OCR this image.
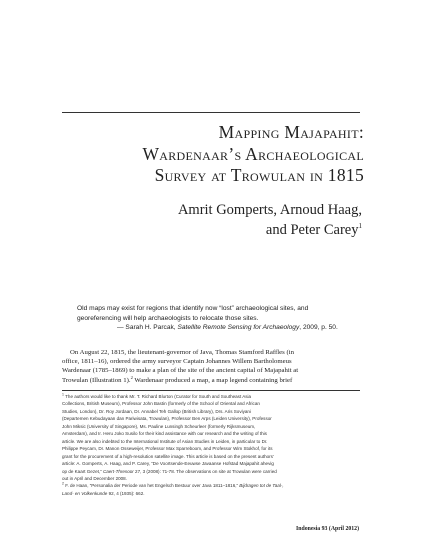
Mapping Majapahit:
Wardenaar’s Archaeological
Survey at Trowulan in 1815
Amrit Gomperts, Arnoud Haag,
and Peter Carey$^1$
Old maps may exist for regions that identify now “lost” archaeological sites, and
georeferencing will help archaeologists to relocate those sites.
— Sarah H. Parcak, Satellite Remote Sensing for Archaeology, 2009, p. 50.
On August 22, 1815, the lieutenant-governor of Java, Thomas Stamford Raffles (in
office, 1811–16), ordered the army surveyor Captain Johannes Willem Bartholomeus
Wardenaar (1785–1869) to make a plan of the site of the ancient capital of Majapahit at
Trowulan (Illustration 1).$^2$ Wardenaar produced a map, a map legend containing brief
$^1$ The authors would like to thank Mr. T. Richard Blurton (Curator for South and Southeast Asia
Collections, British Museum), Professor John Bastin (formerly of the School of Oriental and African
Studies, London), Dr. Roy Jordaan, Dr. Annabel Teh Gallop (British Library), Drs. Aris Soviyani
(Departemen Kebudayaan dan Pariwisata, Trowulan), Professor Ben Arps (Leiden University), Professor
John Miksic (University of Singapore), Ms. Pauline Lunsingh Scheurleer (formerly Rijksmuseum,
Amsterdam), and Ir. Heru Joko Susilo for their kind assistance with our research and the writing of this
article. We are also indebted to the International Institute of Asian Studies in Leiden, in particular to Dr.
Philippe Peycam, Dr. Manon Osseweijer, Professor Max Sparreboom, and Professor Wim Stokhof, for its
grant for the procurement of a high-resolution satellite image. This article is based on the present authors’
article: A. Gomperts, A. Haag, and P. Carey, “De Voortsende-Eeuwse Javaanse Hofstad Majapahit ahevig
op de Kaart Gezet,” Caert-Thresoor 27, 3 (2008): 71-78. The observations on site at Trowulan were carried
out in April and December 2008.
$^2$ F. de Haan, “Personalia der Periode van het Engelsch Bestuur over Java 1811–1816,” Bijdragen tot de Taal-,
Land- en Volkenkunde 92, 4 (1935): 662.
Indonesia 93 (April 2012)
